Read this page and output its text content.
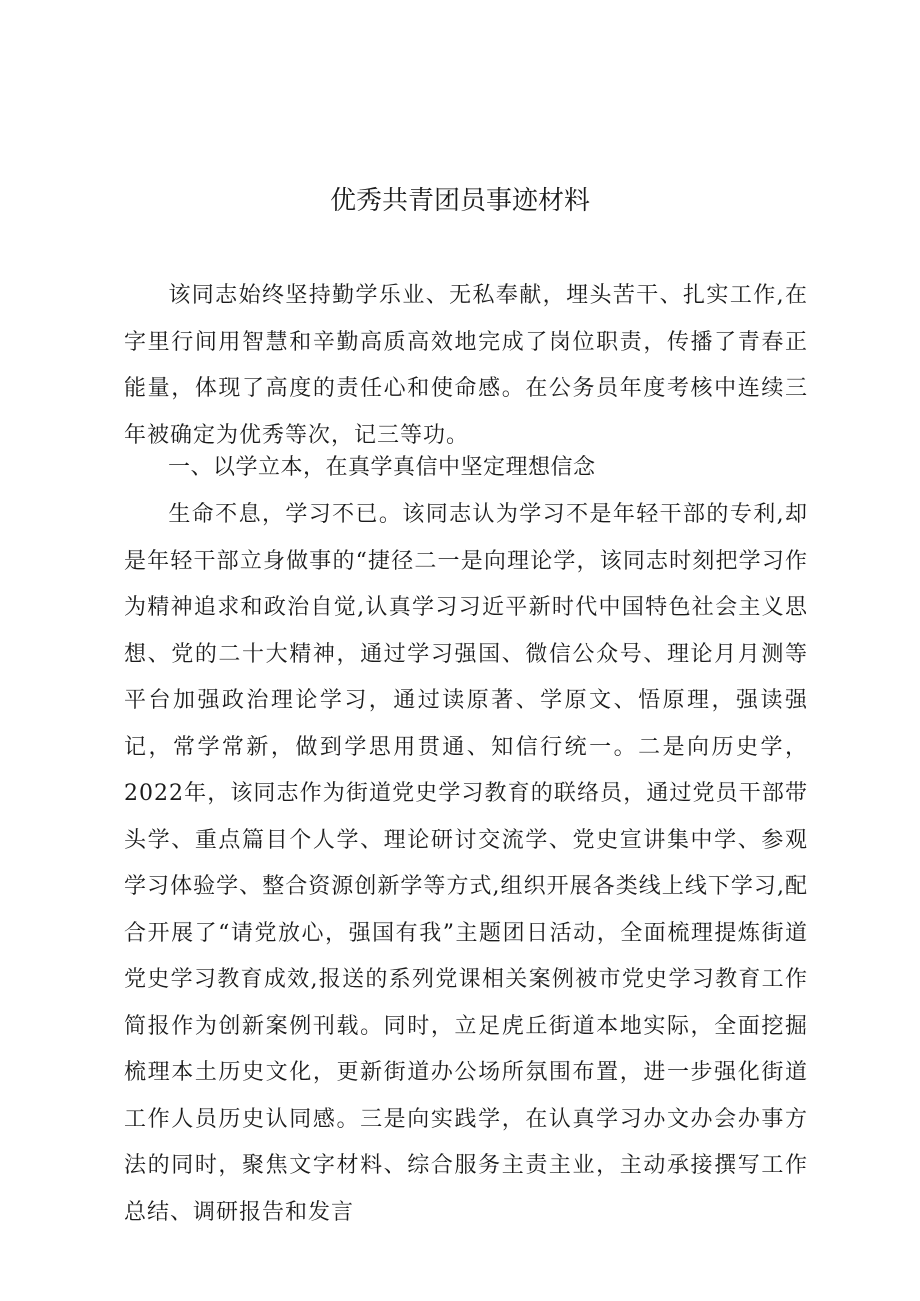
优秀共青团员事迹材料

该同志始终坚持勤学乐业、无私奉献，埋头苦干、扎实工作,在字里行间用智慧和辛勤高质高效地完成了岗位职责，传播了青春正能量，体现了高度的责任心和使命感。在公务员年度考核中连续三年被确定为优秀等次，记三等功。

一、以学立本，在真学真信中坚定理想信念

生命不息，学习不已。该同志认为学习不是年轻干部的专利,却是年轻干部立身做事的“捷径二一是向理论学，该同志时刻把学习作为精神追求和政治自觉,认真学习习近平新时代中国特色社会主义思想、党的二十大精神，通过学习强国、微信公众号、理论月月测等平台加强政治理论学习，通过读原著、学原文、悟原理，强读强记，常学常新，做到学思用贯通、知信行统一。二是向历史学，2022年，该同志作为街道党史学习教育的联络员，通过党员干部带头学、重点篇目个人学、理论研讨交流学、党史宣讲集中学、参观学习体验学、整合资源创新学等方式,组织开展各类线上线下学习,配合开展了“请党放心，强国有我”主题团日活动，全面梳理提炼街道党史学习教育成效,报送的系列党课相关案例被市党史学习教育工作简报作为创新案例刊载。同时，立足虎丘街道本地实际，全面挖掘梳理本土历史文化，更新街道办公场所氛围布置，进一步强化街道工作人员历史认同感。三是向实践学，在认真学习办文办会办事方法的同时，聚焦文字材料、综合服务主责主业，主动承接撰写工作总结、调研报告和发言
